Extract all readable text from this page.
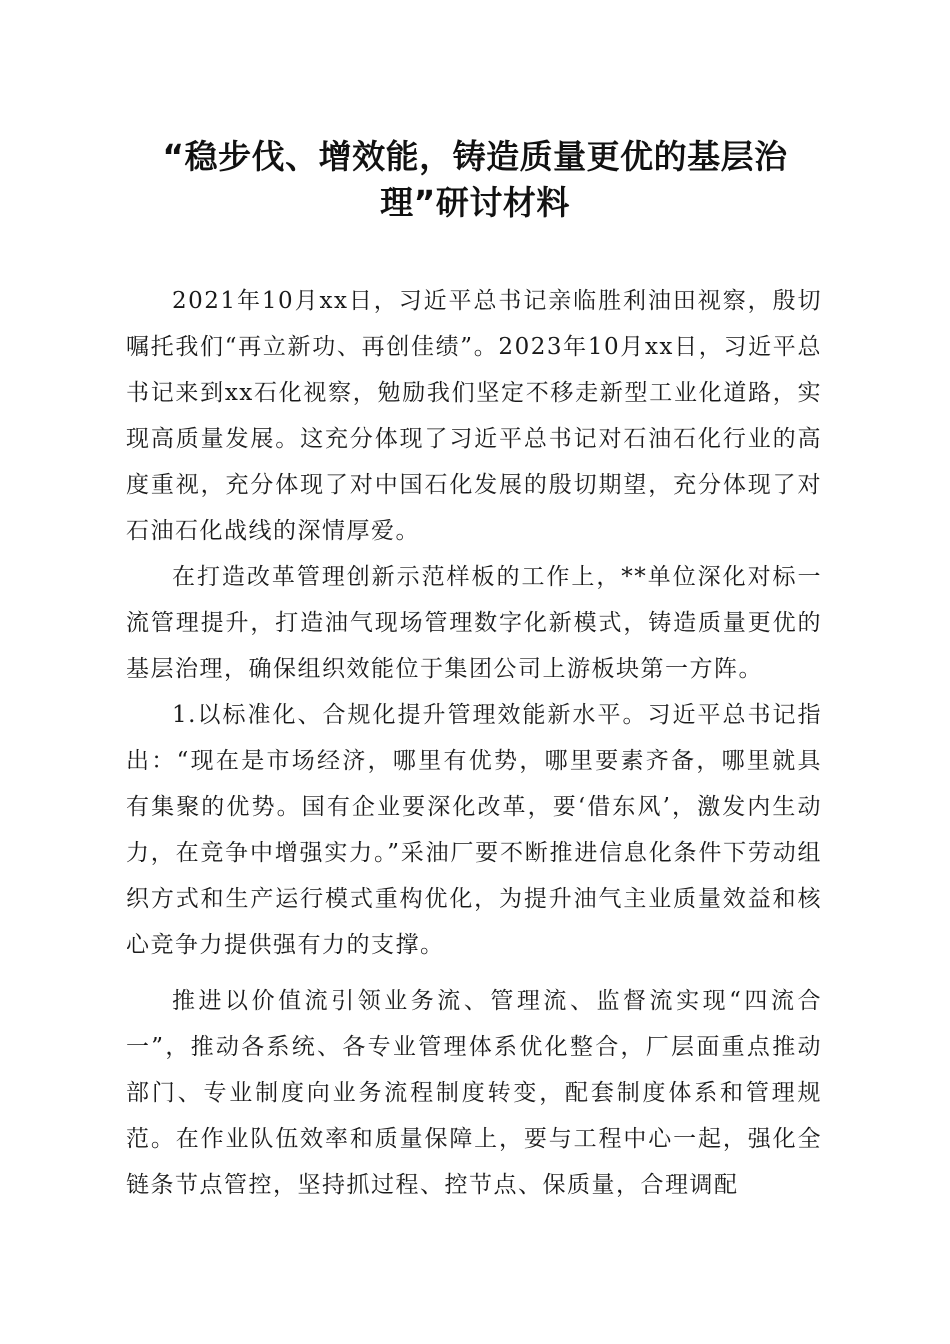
“稳步伐、增效能，铸造质量更优的基层治理”研讨材料

2021年10月xx日，习近平总书记亲临胜利油田视察，殷切嘱托我们“再立新功、再创佳绩”。2023年10月xx日，习近平总书记来到xx石化视察，勉励我们坚定不移走新型工业化道路，实现高质量发展。这充分体现了习近平总书记对石油石化行业的高度重视，充分体现了对中国石化发展的殷切期望，充分体现了对石油石化战线的深情厚爱。

在打造改革管理创新示范样板的工作上，**单位深化对标一流管理提升，打造油气现场管理数字化新模式，铸造质量更优的基层治理，确保组织效能位于集团公司上游板块第一方阵。

1.以标准化、合规化提升管理效能新水平。习近平总书记指出：“现在是市场经济，哪里有优势，哪里要素齐备，哪里就具有集聚的优势。国有企业要深化改革，要‘借东风’，激发内生动力，在竞争中增强实力。”采油厂要不断推进信息化条件下劳动组织方式和生产运行模式重构优化，为提升油气主业质量效益和核心竞争力提供强有力的支撑。

推进以价值流引领业务流、管理流、监督流实现“四流合一”，推动各系统、各专业管理体系优化整合，厂层面重点推动部门、专业制度向业务流程制度转变，配套制度体系和管理规范。在作业队伍效率和质量保障上，要与工程中心一起，强化全链条节点管控，坚持抓过程、控节点、保质量，合理调配
